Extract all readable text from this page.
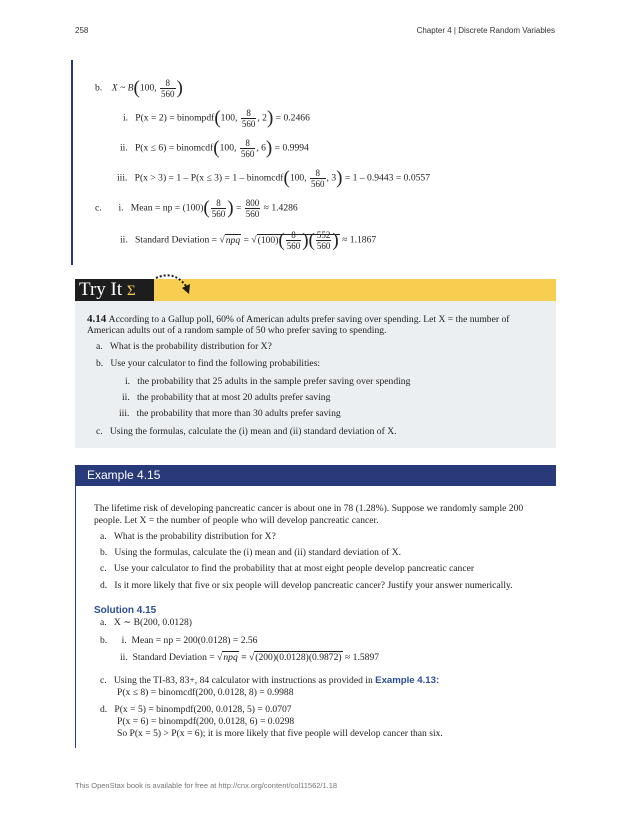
258	Chapter 4 | Discrete Random Variables
b. X ~ B(100, $\frac{8}{560}$ )
i. P(x = 2) = binompdf(100, $\frac{8}{560}$ , 2) = 0.2466
ii. P(x ≤ 6) = binomcdf(100, $\frac{8}{560}$ , 6) = 0.9994
iii. P(x > 3) = 1 – P(x ≤ 3) = 1 – binomcdf(100, $\frac{8}{560}$ , 3) = 1 – 0.9443 = 0.0557
c. i. Mean = np = $(100)( \frac{8}{560}$ ) = $\frac{800}{560} \approx 1.4286$
ii. Standard Deviation = $√npq = √(100)( \frac{8}{560}$ )( $\frac{552}{560}$ ) ≈ 1.1867
Try It Σ
4.14 According to a Gallup poll, 60% of American adults prefer saving over spending. Let X = the number of
American adults out of a random sample of 50 who prefer saving to spending.
a. What is the probability distribution for X?
b. Use your calculator to find the following probabilities:
i. the probability that 25 adults in the sample prefer saving over spending
ii. the probability that at most 20 adults prefer saving
iii. the probability that more than 30 adults prefer saving
c. Using the formulas, calculate the (i) mean and (ii) standard deviation of X.
Example 4.15
The lifetime risk of developing pancreatic cancer is about one in 78 (1.28%). Suppose we randomly sample 200
people. Let X = the number of people who will develop pancreatic cancer.
a. What is the probability distribution for X?
b. Using the formulas, calculate the (i) mean and (ii) standard deviation of X.
c. Use your calculator to find the probability that at most eight people develop pancreatic cancer
d. Is it more likely that five or six people will develop pancreatic cancer? Justify your answer numerically.
Solution 4.15
a. X ∼ B(200, 0.0128)
b. i. Mean = np = 200(0.0128) = 2.56
ii. Standard Deviation = √npq = √(200)(0.0128)(0.9872) ≈ 1.5897
c. Using the TI-83, 83+, 84 calculator with instructions as provided in Example 4.13:
P(x ≤ 8) = binomcdf(200, 0.0128, 8) = 0.9988
d. P(x = 5) = binompdf(200, 0.0128, 5) = 0.0707
P(x = 6) = binompdf(200, 0.0128, 6) = 0.0298
So P(x = 5) > P(x = 6); it is more likely that five people will develop cancer than six.
This OpenStax book is available for free at http://cnx.org/content/col11562/1.18
